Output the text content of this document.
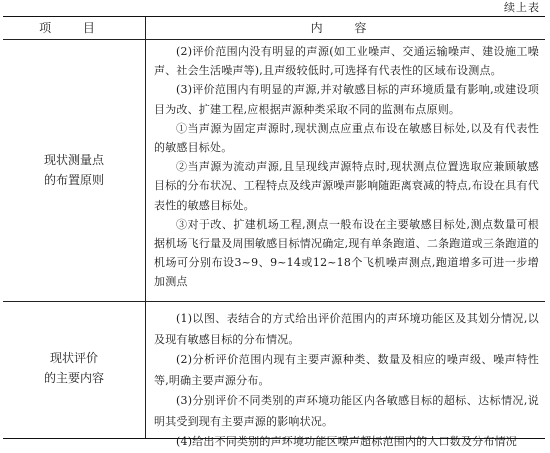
续上表
项 目	内 容
现状测量点
的布置原则

(2)评价范围内没有明显的声源(如工业噪声、交通运输噪声、建设施工噪声、社会生活噪声等),且声级较低时,可选择有代表性的区域布设测点。

(3)评价范围内有明显的声源,并对敏感目标的声环境质量有影响,或建设项目为改、扩建工程,应根据声源种类采取不同的监测布点原则。

①当声源为固定声源时,现状测点应重点布设在敏感目标处,以及有代表性的敏感目标处。

②当声源为流动声源,且呈现线声源特点时,现状测点位置选取应兼顾敏感目标的分布状况、工程特点及线声源噪声影响随距离衰减的特点,布设在具有代表性的敏感目标处。

③对于改、扩建机场工程,测点一般布设在主要敏感目标处,测点数量可根据机场飞行量及周围敏感目标情况确定,现有单条跑道、二条跑道或三条跑道的机场可分别布设3~9、9~14或12~18个飞机噪声测点,跑道增多可进一步增加测点

现状评价
的主要内容

(1)以图、表结合的方式给出评价范围内的声环境功能区及其划分情况,以及现有敏感目标的分布情况。

(2)分析评价范围内现有主要声源种类、数量及相应的噪声级、噪声特性等,明确主要声源分布。

(3)分别评价不同类别的声环境功能区内各敏感目标的超标、达标情况,说明其受到现有主要声源的影响状况。

(4)给出不同类别的声环境功能区噪声超标范围内的人口数及分布情况
